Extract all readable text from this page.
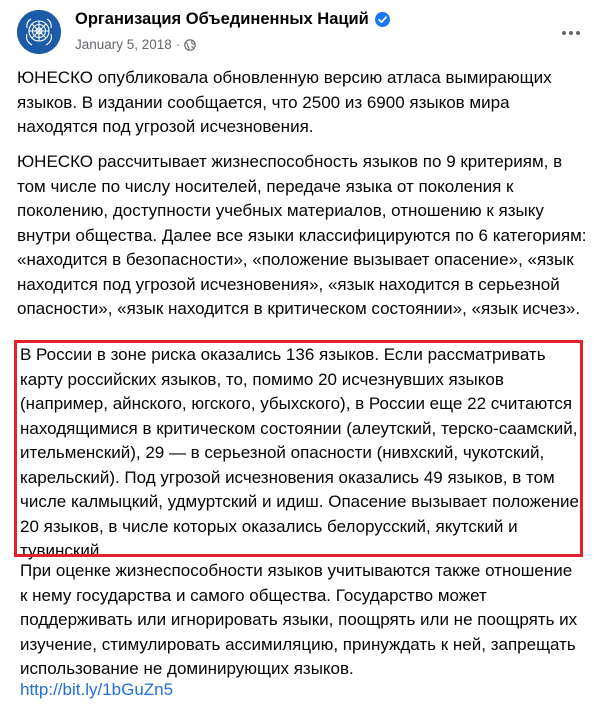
Организация Объединенных Наций
January 5, 2018 ·

ЮНЕСКО опубликовала обновленную версию атласа вымирающих языков. В издании сообщается, что 2500 из 6900 языков мира находятся под угрозой исчезновения.

ЮНЕСКО рассчитывает жизнеспособность языков по 9 критериям, в том числе по числу носителей, передаче языка от поколения к поколению, доступности учебных материалов, отношению к языку внутри общества. Далее все языки классифицируются по 6 категориям: «находится в безопасности», «положение вызывает опасение», «язык находится под угрозой исчезновения», «язык находится в серьезной опасности», «язык находится в критическом состоянии», «язык исчез».

В России в зоне риска оказались 136 языков. Если рассматривать карту российских языков, то, помимо 20 исчезнувших языков (например, айнского, югского, убыхского), в России еще 22 считаются находящимися в критическом состоянии (алеутский, терско-саамский, ительменский), 29 — в серьезной опасности (нивхский, чукотский, карельский). Под угрозой исчезновения оказались 49 языков, в том числе калмыцкий, удмуртский и идиш. Опасение вызывает положение 20 языков, в числе которых оказались белорусский, якутский и тувинский.

При оценке жизнеспособности языков учитываются также отношение к нему государства и самого общества. Государство может поддерживать или игнорировать языки, поощрять или не поощрять их изучение, стимулировать ассимиляцию, принуждать к ней, запрещать использование не доминирующих языков.

http://bit.ly/1bGuZn5
